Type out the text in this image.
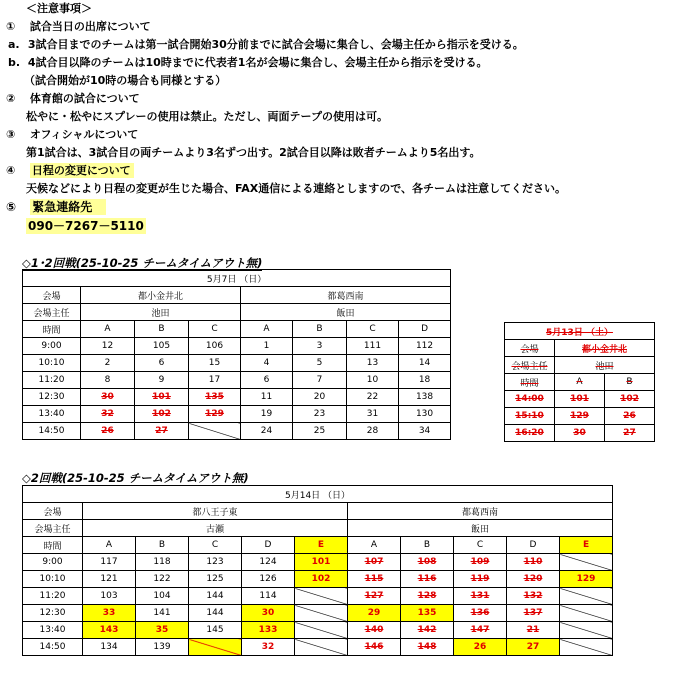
＜注意事項＞
① 試合当日の出席について
a. 3試合目までのチームは第一試合開始30分前までに試合会場に集合し、会場主任から指示を受ける。
b. 4試合目以降のチームは10時までに代表者1名が会場に集合し、会場主任から指示を受ける。
（試合開始が10時の場合も同様とする）
② 体育館の試合について
松やに・松やにスプレーの使用は禁止。ただし、両面テープの使用は可。
③ オフィシャルについて
第1試合は、3試合目の両チームより3名ずつ出す。2試合目以降は敗者チームより5名出す。
④ 日程の変更について
天候などにより日程の変更が生じた場合、FAX通信による連絡としますので、各チームは注意してください。
⑤ 緊急連絡先
090－7267－5110
◇1･2回戦(25-10-25 チームタイムアウト無)
5月7日 （日）							
会場	都小金井北			都葛西南			
会場主任	池田			飯田			
時間	A	B	C	A	B	C	D
9:00	12	105	106	1	3	111	112
10:10	2	6	15	4	5	13	14
11:20	8	9	17	6	7	10	18
12:30	30	101	135	11	20	22	138
13:40	32	102	129	19	23	31	130
14:50	26	27		24	25	28	34
5月13日 （土）		
会場	都小金井北	
会場主任	池田	
時間	A	B
14:00	101	102
15:10	129	26
16:20	30	27
◇2回戦(25-10-25 チームタイムアウト無)
5月14日 （日）										
会場	都八王子東					都葛西南				
会場主任	古瀬					飯田				
時間	A	B	C	D	E	A	B	C	D	E
9:00	117	118	123	124	101	107	108	109	110	
10:10	121	122	125	126	102	115	116	119	120	129
11:20	103	104	144	114		127	128	131	132	
12:30	33	141	144	30		29	135	136	137	
13:40	143	35	145	133		140	142	147	21	
14:50	134	139		32		146	148	26	27	
